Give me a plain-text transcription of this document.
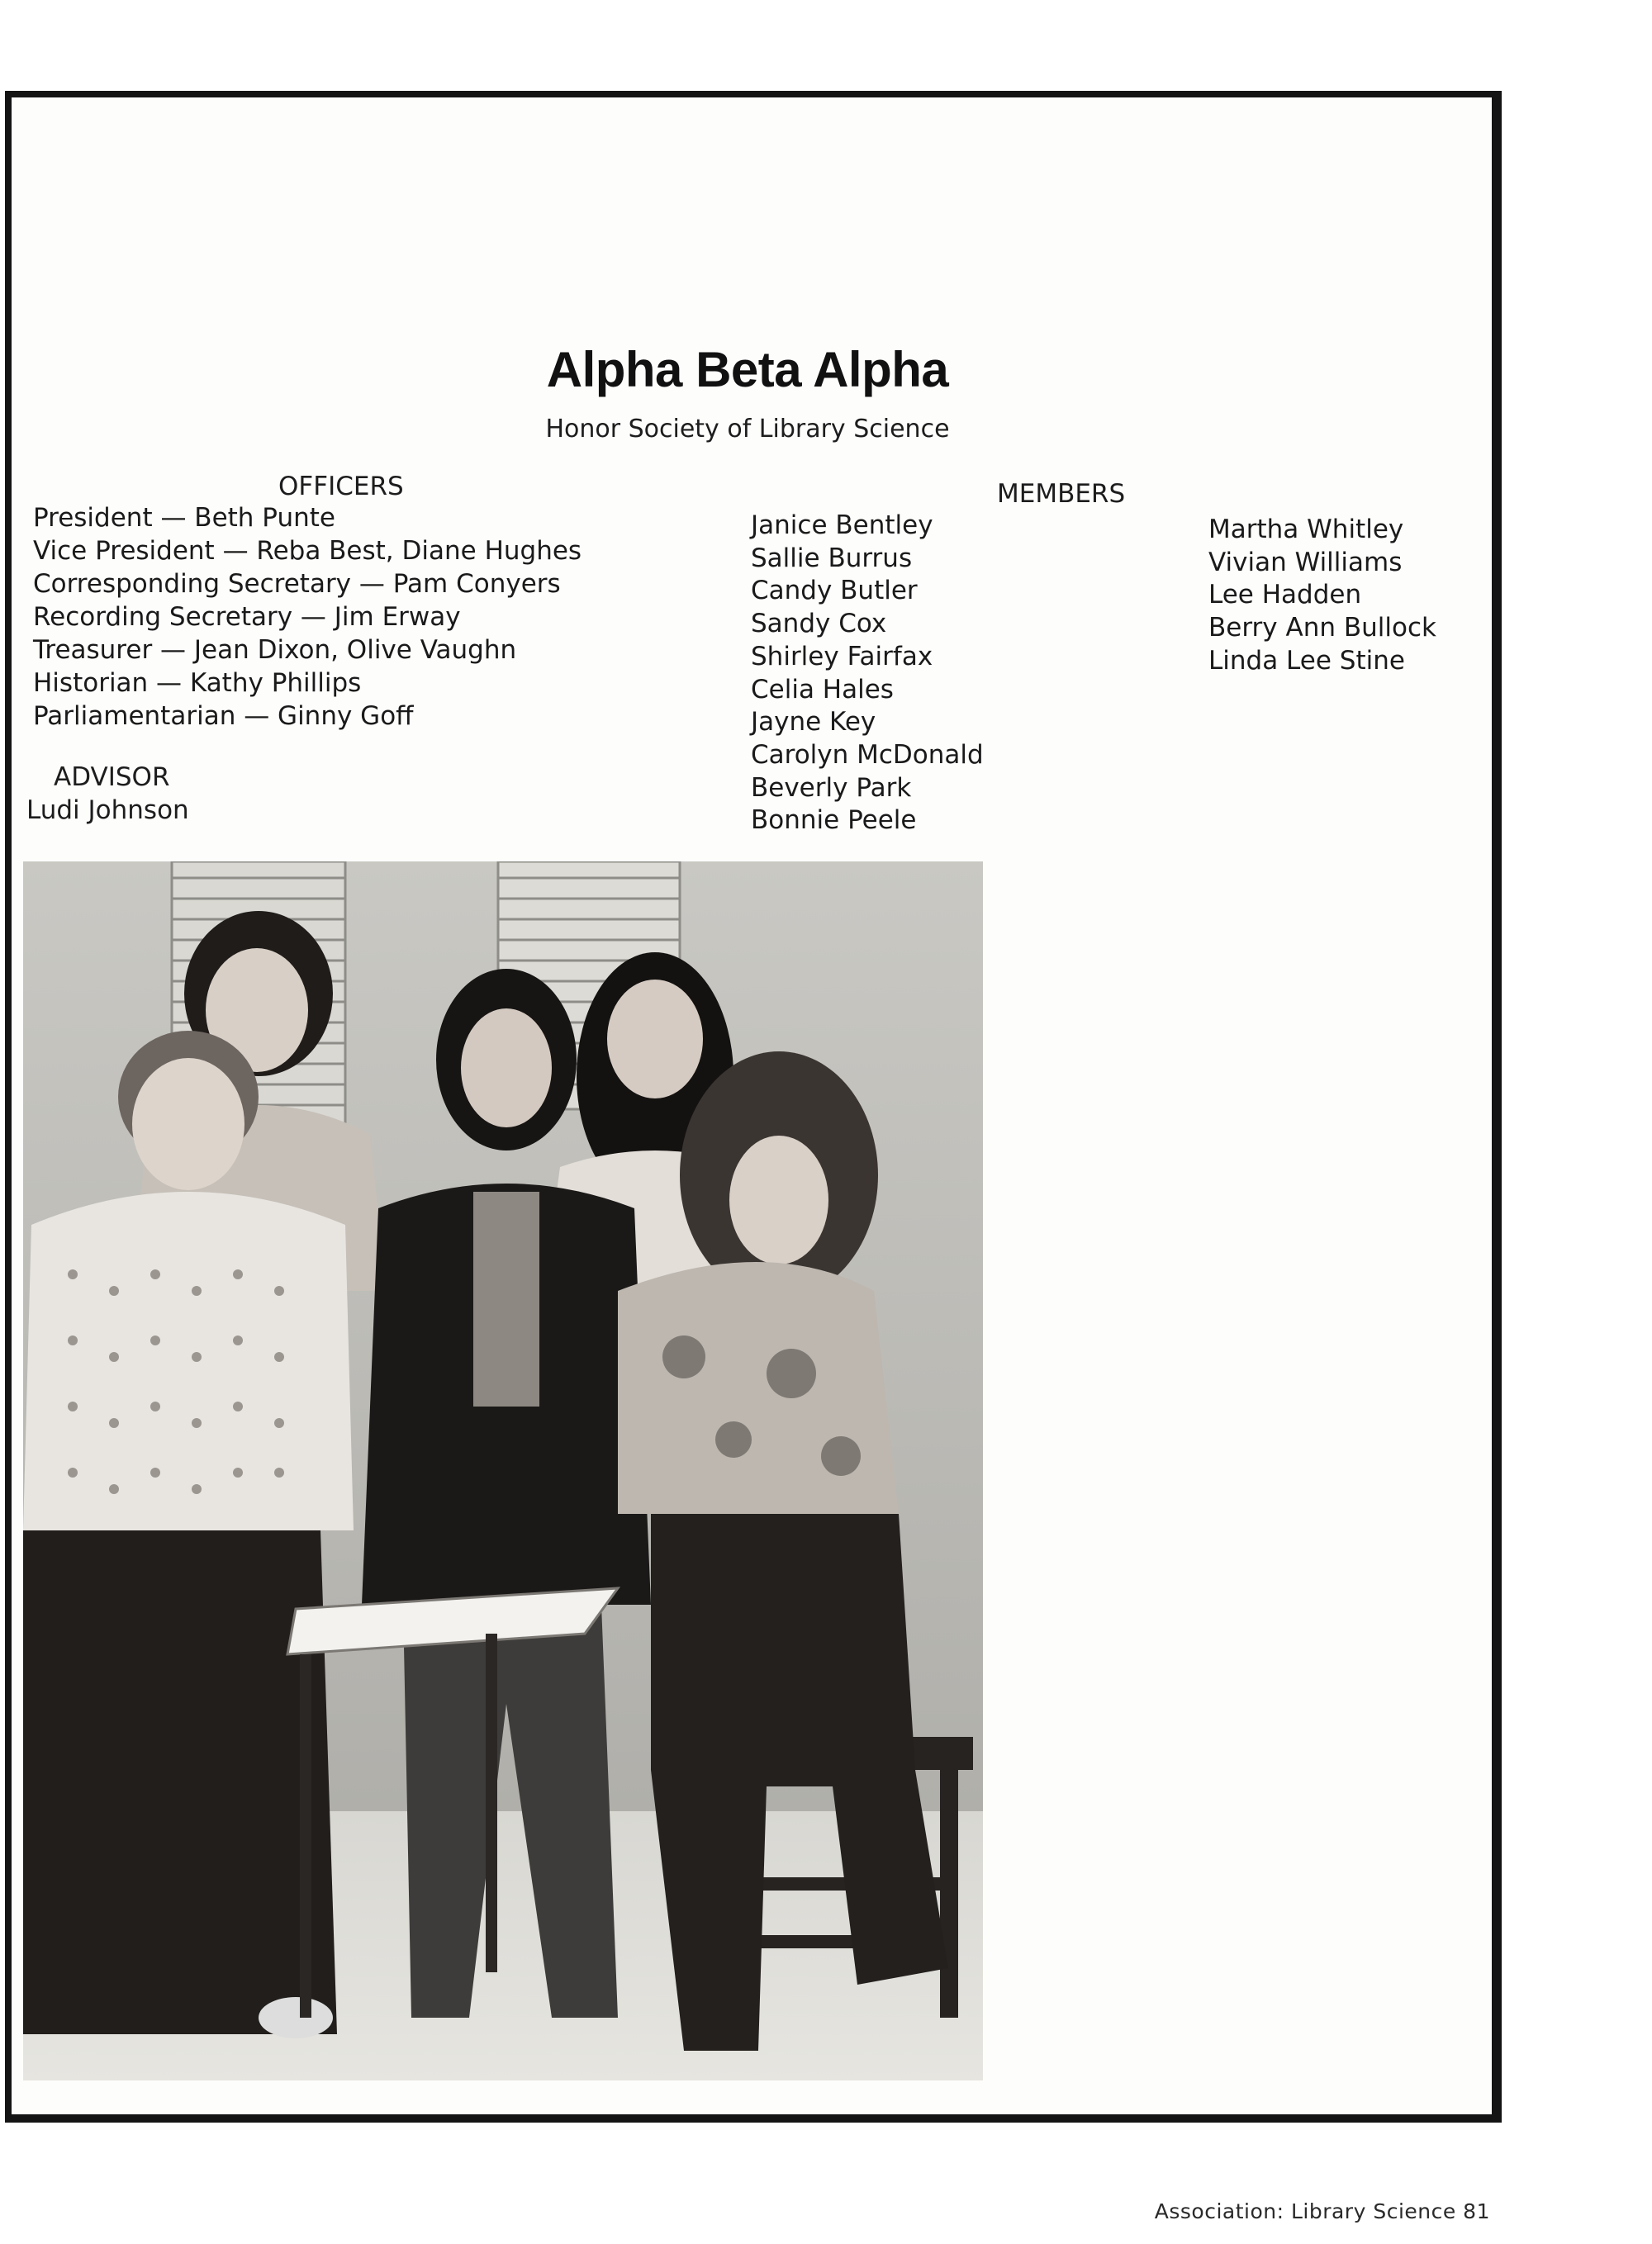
Alpha Beta Alpha
Honor Society of Library Science
OFFICERS
President — Beth Punte
Vice President — Reba Best, Diane Hughes
Corresponding Secretary — Pam Conyers
Recording Secretary — Jim Erway
Treasurer — Jean Dixon, Olive Vaughn
Historian — Kathy Phillips
Parliamentarian — Ginny Goff
ADVISOR
Ludi Johnson
MEMBERS
Janice Bentley
Sallie Burrus
Candy Butler
Sandy Cox
Shirley Fairfax
Celia Hales
Jayne Key
Carolyn McDonald
Beverly Park
Bonnie Peele
Martha Whitley
Vivian Williams
Lee Hadden
Berry Ann Bullock
Linda Lee Stine
Association: Library Science 81
